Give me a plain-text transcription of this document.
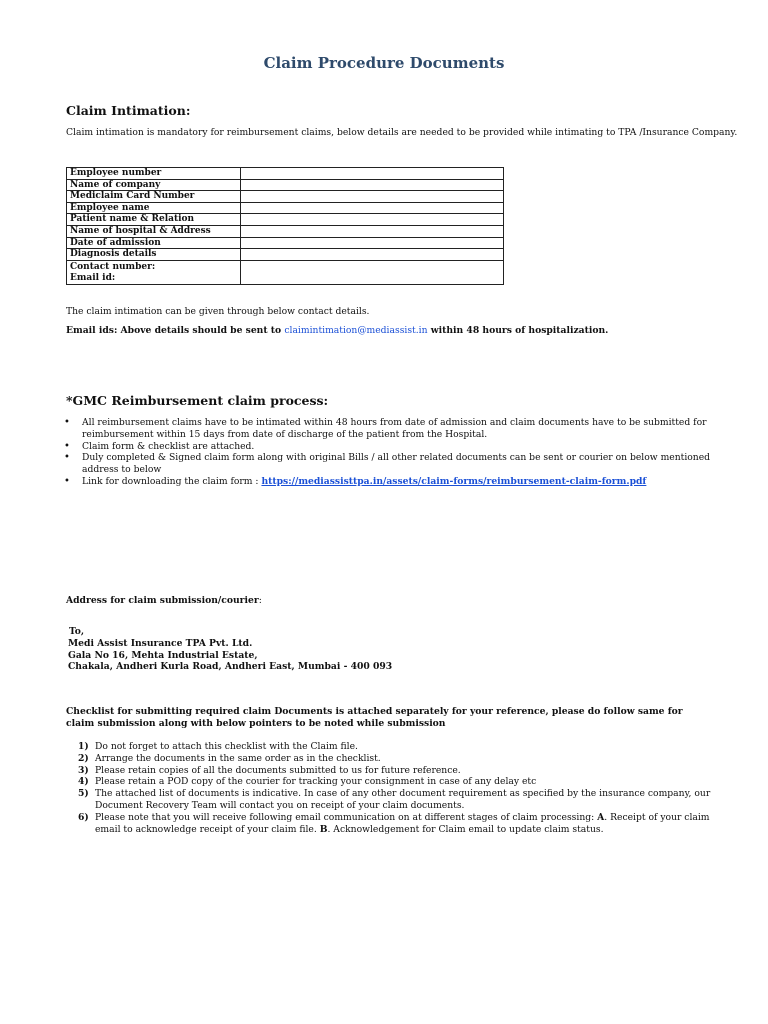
Claim Procedure Documents
Claim Intimation:
Claim intimation is mandatory for reimbursement claims, below details are needed to be provided while intimating to TPA /Insurance Company.
Employee number	
Name of company	
Mediclaim Card Number	
Employee name	
Patient name & Relation	
Name of hospital & Address	
Date of admission	
Diagnosis details	

Contact number:
Email id:	

The claim intimation can be given through below contact details.
Email ids: Above details should be sent to claimintimation@mediassist.in within 48 hours of hospitalization.
*GMC Reimbursement claim process:
• All reimbursement claims have to be intimated within 48 hours from date of admission and claim documents have to be submitted for reimbursement within 15 days from date of discharge of the patient from the Hospital.
• Claim form & checklist are attached.
• Duly completed & Signed claim form along with original Bills / all other related documents can be sent or courier on below mentioned address to below
• Link for downloading the claim form : https://mediassisttpa.in/assets/claim-forms/reimbursement-claim-form.pdf
Address for claim submission/courier:
To,
Medi Assist Insurance TPA Pvt. Ltd.
Gala No 16, Mehta Industrial Estate,
Chakala, Andheri Kurla Road, Andheri East, Mumbai - 400 093
Checklist for submitting required claim Documents is attached separately for your reference, please do follow same for claim submission along with below pointers to be noted while submission
1) Do not forget to attach this checklist with the Claim file.
2) Arrange the documents in the same order as in the checklist.
3) Please retain copies of all the documents submitted to us for future reference.
4) Please retain a POD copy of the courier for tracking your consignment in case of any delay etc
5) The attached list of documents is indicative. In case of any other document requirement as specified by the insurance company, our Document Recovery Team will contact you on receipt of your claim documents.
6) Please note that you will receive following email communication on at different stages of claim processing: A. Receipt of your claim email to acknowledge receipt of your claim file. B. Acknowledgement for Claim email to update claim status.
